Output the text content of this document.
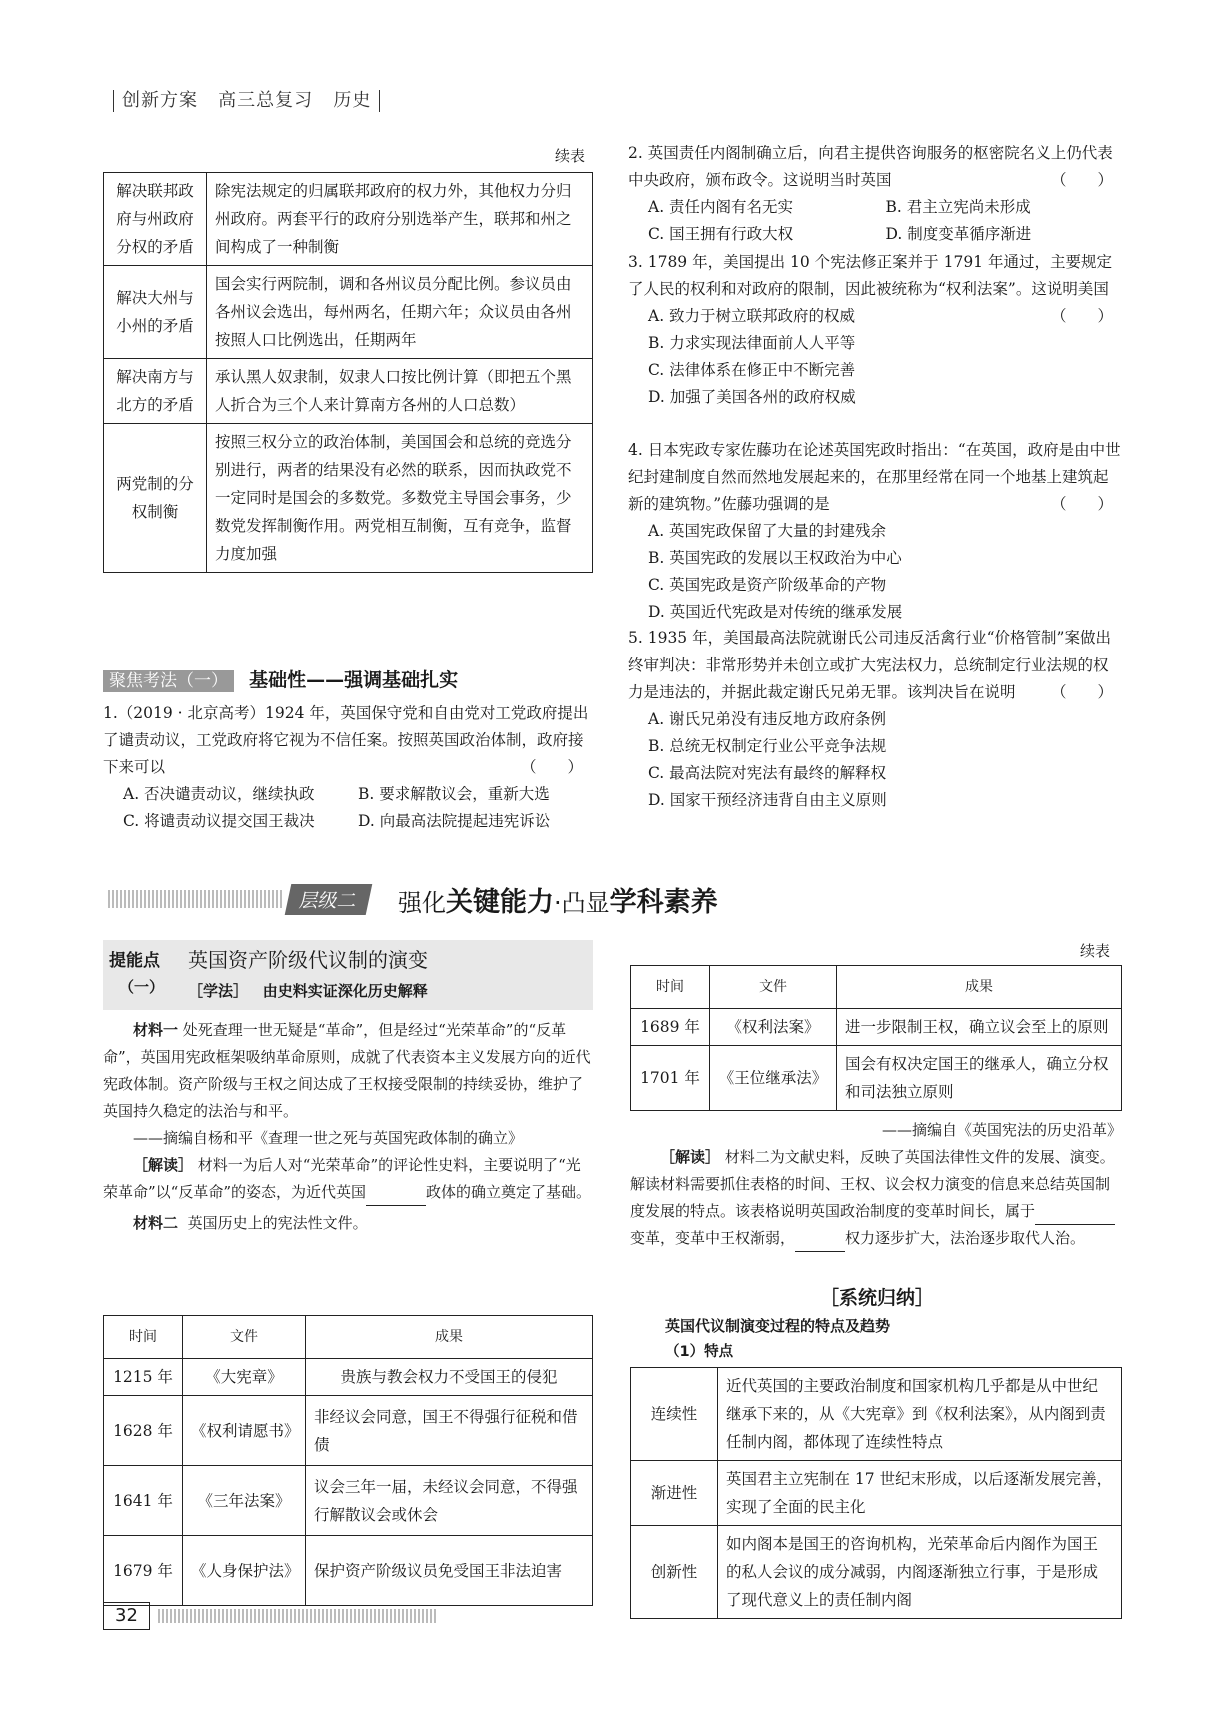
创新方案 高三总复习 历史
续表
解决联邦政府与州政府分权的矛盾	除宪法规定的归属联邦政府的权力外，其他权力分归州政府。两套平行的政府分别选举产生，联邦和州之间构成了一种制衡
解决大州与小州的矛盾	国会实行两院制，调和各州议员分配比例。参议员由各州议会选出，每州两名，任期六年；众议员由各州按照人口比例选出，任期两年
解决南方与北方的矛盾	承认黑人奴隶制，奴隶人口按比例计算（即把五个黑人折合为三个人来计算南方各州的人口总数）
两党制的分权制衡	按照三权分立的政治体制，美国国会和总统的竞选分别进行，两者的结果没有必然的联系，因而执政党不一定同时是国会的多数党。多数党主导国会事务，少数党发挥制衡作用。两党相互制衡，互有竞争，监督力度加强
聚焦考法（一） 基础性——强调基础扎实
1.（2019 · 北京高考）1924 年，英国保守党和自由党对工党政府提出了谴责动议，工党政府将它视为不信任案。按照英国政治体制，政府接下来可以	（　　）
A. 否决谴责动议，继续执政	B. 要求解散议会，重新大选
C. 将谴责动议提交国王裁决	D. 向最高法院提起违宪诉讼
2. 英国责任内阁制确立后，向君主提供咨询服务的枢密院名义上仍代表中央政府，颁布政令。这说明当时英国	（　　）
A. 责任内阁有名无实	B. 君主立宪尚未形成
C. 国王拥有行政大权	D. 制度变革循序渐进
3. 1789 年，美国提出 10 个宪法修正案并于 1791 年通过，主要规定了人民的权利和对政府的限制，因此被统称为“权利法案”。这说明美国
（　　）
A. 致力于树立联邦政府的权威
B. 力求实现法律面前人人平等
C. 法律体系在修正中不断完善
D. 加强了美国各州的政府权威
4. 日本宪政专家佐藤功在论述英国宪政时指出：“在英国，政府是由中世纪封建制度自然而然地发展起来的，在那里经常在同一个地基上建筑起新的建筑物。”佐藤功强调的是	（　　）
A. 英国宪政保留了大量的封建残余
B. 英国宪政的发展以王权政治为中心
C. 英国宪政是资产阶级革命的产物
D. 英国近代宪政是对传统的继承发展
5. 1935 年，美国最高法院就谢氏公司违反活禽行业“价格管制”案做出终审判决：非常形势并未创立或扩大宪法权力，总统制定行业法规的权力是违法的，并据此裁定谢氏兄弟无罪。该判决旨在说明 （　　）
A. 谢氏兄弟没有违反地方政府条例
B. 总统无权制定行业公平竞争法规
C. 最高法院对宪法有最终的解释权
D. 国家干预经济违背自由主义原则
层级二	强化关键能力·凸显学科素养
提能点
（一）
英国资产阶级代议制的演变
［学法］ 由史料实证深化历史解释
材料一 处死查理一世无疑是“革命”，但是经过“光荣革命”的“反革命”，英国用宪政框架吸纳革命原则，成就了代表资本主义发展方向的近代宪政体制。资产阶级与王权之间达成了王权接受限制的持续妥协，维护了英国持久稳定的法治与和平。
——摘编自杨和平《查理一世之死与英国宪政体制的确立》
［解读］ 材料一为后人对“光荣革命”的评论性史料，主要说明了“光荣革命”以“反革命”的姿态，为近代英国	政体的确立奠定了基础。
材料二 英国历史上的宪法性文件。
时间	文件	成果
1215 年	《大宪章》	贵族与教会权力不受国王的侵犯
1628 年	《权利请愿书》	非经议会同意，国王不得强行征税和借债
1641 年	《三年法案》	议会三年一届，未经议会同意，不得强行解散议会或休会
1679 年	《人身保护法》	保护资产阶级议员免受国王非法迫害
续表
时间	文件	成果
1689 年	《权利法案》	进一步限制王权，确立议会至上的原则
1701 年	《王位继承法》	国会有权决定国王的继承人，确立分权和司法独立原则
——摘编自《英国宪法的历史沿革》
［解读］ 材料二为文献史料，反映了英国法律性文件的发展、演变。解读材料需要抓住表格的时间、王权、议会权力演变的信息来总结英国制度发展的特点。该表格说明英国政治制度的变革时间长，属于变革，变革中王权渐弱，	权力逐步扩大，法治逐步取代人治。
［系统归纳］
英国代议制演变过程的特点及趋势
（1）特点
连续性	近代英国的主要政治制度和国家机构几乎都是从中世纪继承下来的，从《大宪章》到《权利法案》，从内阁到责任制内阁，都体现了连续性特点
渐进性	英国君主立宪制在 17 世纪末形成，以后逐渐发展完善，实现了全面的民主化
创新性	如内阁本是国王的咨询机构，光荣革命后内阁作为国王的私人会议的成分减弱，内阁逐渐独立行事，于是形成了现代意义上的责任制内阁
32
